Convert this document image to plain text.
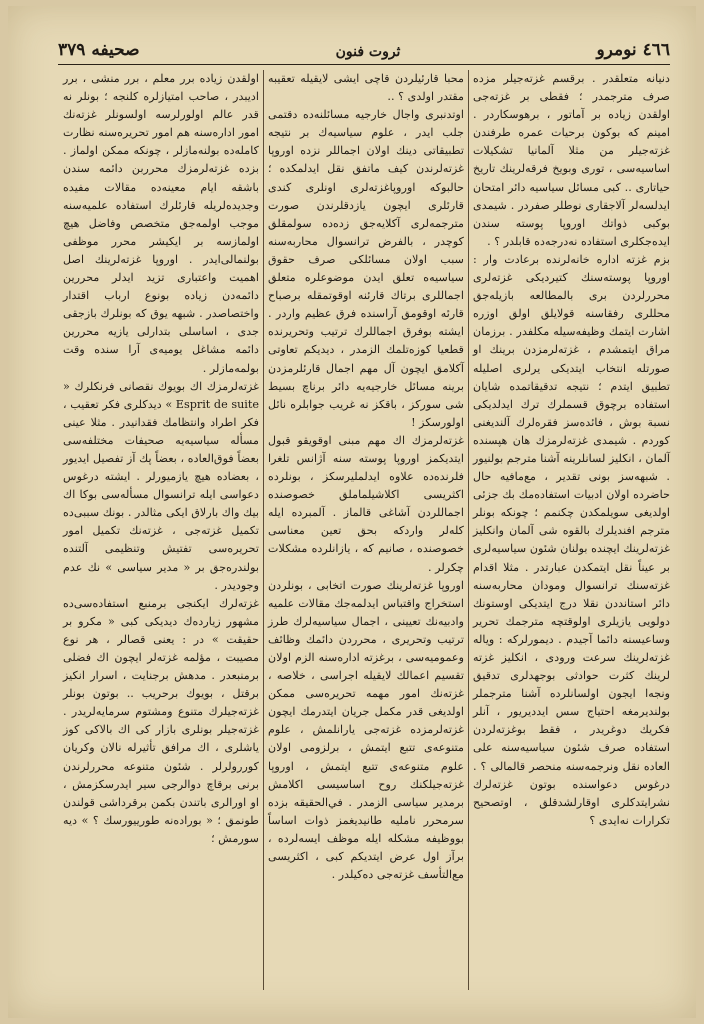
٤٦٦ نومرو
ثروت فنون
صحيفه ٣٧٩

دنيانه متعلقدر . برقسم غزته‌جيلر مزده صرف مترجمدر ؛ فقطی بر غزته‌جی اولقدن زياده بر آماتور ، برهوسكاردر . امينم كه بوكون برحيات عمره طرفندن غزته‌جيلر من مثلا آلمانيا تشكيلات اساسيه‌سی ، توری وبويخ فرقه‌لرينك تاريخ حياتاری .. كبی مسائل سياسيه دائر امتحان ايدلسه‌لر آلاجقاری نوطلر صفردر . شيمدی بوكبی ذواتك اوروپا پوسته سندن ايده‌جكلری استفاده نه‌درجه‌ده قابلدر ؟ .

بزم غزته اداره خانه‌لرنده برعادت وار : اوروپا پوسته‌سنك كتيرديكی غزته‌لری محررلردن برى بالمطالعه بازيله‌جق محللری رفقاسنه قولايلق اولق اوزره اشارت ايتمك وظيفه‌سيله مكلفدر . برزمان مراق ايتمشدم ، غزته‌لرمزدن برينك او صورتله انتخاب ايتديكی يرلری اصليله تطبيق ايتدم ؛ نتيجه تدقيقاتمده شايان استفاده برچوق قسملرك ترك ايدلديكی نسبة بوش ، فائده‌سز فقره‌لرك آلنديغنی كوردم . شيمدی غزته‌لرمزك هان هپسنده آلمان ، انكليز لسانلرينه آشنا مترجم بولنيور . شبهه‌سز بونی تقدير ، مع‌مافيه حال حاضرده اولان ادبيات استفاده‌مك بك جزئی اولديغی سويلمكدن چكنمم ؛ چونكه بونلر مترجم افنديلرك بالقوه شی آلمان وانكليز غزته‌لرينك ايچنده بولنان شئون سياسيه‌لری بر عيناً نقل ايتمكدن عبارتدر . مثلا اقدام غزته‌سنك ترانسوال ومودان محاربه‌سنه دائر استانددن نقلا درج ايتديكی اوستونك دولويی يازيلری اولوقتچه مترجمك تحرير وساعيسنه دائما آجيدم . ديمورلركه : وياله غزته‌لرينك سرعت ورودی ، انكليز غزته لرينك كثرت حوادثی بوجهدلری تدقيق ونجه‌ا ايجون اولسانلرده آشنا مترجملر بولنديرمغه احتياج سس ايدديريور ، آنلر فكريك دوغريدر ، فقط بوغزته‌لردن استفاده صرف شئون سياسيه‌سنه على العاده نقل ونرجمه‌سنه منحصر قالمالی ؟ . درغوس دعواسنده بوتون غزته‌لرك نشرايتدكلری اوقارلشدقلق ، اوتصحيح تكرارات نه‌ايدی ؟

محبا قارئيلردن قاچی ايشی لايقيله تعقيبه مقتدر اولدی ؟ ..

اوتدنبری واجال خارجيه مسائلنه‌ده دقتمی جلب ايدر ، علوم سياسيه‌ك بر نتيجه تطبيقاتی دينك اولان اجماللر نزده اوروپا غزته‌لرندن كيف ماتفق نقل ايدلمكده ؛ حالبوكه اوروپاغزته‌لری اونلری كندی قارئلری ايچون يازدقلرندن صورت مترجمه‌لری آكلايه‌جق زده‌ده سولمقلق كوچدر ، بالفرض ترانسوال محاربه‌سنه سبب اولان مسائلكی صرف حقوق سياسيه‌ه تعلق ايدن موضوعلره متعلق اجماللری برتاك قارئنه اوقوتمقله برصباح قارئه اوقومق آراسنده فرق عظيم واردر . ايشته بوفرق اجماللرك ترتيب وتحريرنده قطعيا كوزه‌تلمك الزمدر ، ديديكم تعاوتی آكلامق ايچون آل مهم اجمال قارئلرمزدن برينه مسائل خارجيه‌يه دائر برناچ بسيط شی سوركز ، باقكز نه غريب جوابلره نائل اولورسكز !

غزته‌لرمزك اك مهم مبنی اوقويقو قبول ايتديكمز اوروپا پوسته سنه آژانس تلغرا فلرنده‌ده علاوه ايدلمليرسكز ، بونلرده اكثريسی اكلاشيلماملق خصوصنده اجماللردن آشاغی قالماز . آلمبرده ايله كله‌لر واردكه بحق تعين معناسی خصوصنده ، صانيم كه ، يازانلرده مشكلات چكرلر .

اوروپا غزته‌لرينك صورت اتخابی ، بونلردن استخراج واقتباس ايدلمه‌جك مقالات علميه وادبيه‌نك تعيينی ، اجمال سياسيه‌لرك طرز ترتيب وتحريرى ، محرردن دائمك وظائف وعموميه‌سی ، برغزته اداره‌سنه الزم اولان تقسيم اعمالك لايقيله اجراسی ، خلاصه ، غزته‌نك امور مهمه تحريره‌سی ممكن اولديغی قدر مكمل جريان ايتدرمك ايچون غزته‌لرمزده غزته‌جی يارانلمش ، علوم متنوعه‌ی تتبع ايتمش ، برلزومی اولان علوم متنوعه‌ی تتبع ايتمش ، اوروپا غزته‌جيلکنك روح اساسيسی اكلامش برمدير سياسی الزمدر . في‌الحقيقه بزده سرمحرر نامليه طانيديغمز ذوات اساساً بووظيفه مشكله ايله موظف ايسه‌لرده ، برآز اول عرض ايتديكم كبی ، اكثريسی مع‌التأسف غزته‌جی ده‌كيلدر .

اولقدن زياده برر معلم ، برر منشی ، برر اديبدر ، صاحب امتيازلره كلنجه ؛ بونلر نه قدر عالم اولورلرسه اولسونلر غزته‌نك امور اداره‌سنه هم امور تحريره‌سنه نظارت كامله‌ده بولنه‌مازلر ، چونكه ممكن اولماز . بزده غزته‌لرمزك محرربن دائمه سندن باشقه ايام معينه‌ده مقالات مفيده وجديده‌لريله قارئلرك استفاده علميه‌سنه موجب اولمه‌جق متخصص وفاضل هيچ اولمازسه بر ايكيشر محرر موظفی بولنمالی‌ايدر . اوروپا غزته‌لرينك اصل اهميت واعتباری تزيد ايدلر محررين دائمه‌دن زياده بونوع ارباب اقتدار واختصاصدر . شبهه يوق كه بونلرك بازجقی جدی ، اساسلی بتدارلی يازيه محررين دائمه مشاغل يوميه‌ی آرا سنده وقت بولمه‌مازلر .

غزته‌لرمزك اك بويوك نقصانی فرنكلرك « Esprit de suite » ديدكلری فكر تعقيب ، فكر اطراد وانتظامك فقدانيدر . مثلا عينی مسأله سياسيه‌يه صحيفات مختلفه‌سی بعضاً فوق‌العاده ، بعضاً پك آز تفصيل ايديور ، بعضاده هيچ يازميورلر . ايشته درغوس دعواسی ايله ترانسوال مسأله‌سی بوكا اك بيك واك بارلاق ايكی مثالدر . بونك سببی‌ده تكميل غزته‌جی ، غزته‌نك تكميل امور تحريره‌سی تفتيش وتنظيمی آلتنده بولندره‌جق بر « مدير سياسی » نك عدم وجوديدر .

غزته‌لرك ايكنجی برمنبع استفاده‌سی‌ده مشهور زيارده‌ك ديديكی كبی « مكرو بر حقيقت » در : يعنی قصالر ، هر نوع مصيبت ، مؤلمه غزته‌لر ايچون اك فضلی برمنبعدر . مدهش برجنايت ، اسرار انكيز برقتل ، بويوك برحريب .. بوتون بونلر غزته‌جيلرك متنوع ومشتوم سرمايه‌لريدر . غزته‌جيلر بونلری بازار كی اك بالاكی كوز ياشلری ، اك مرافق تأثيرله نالان وكريان كوررولرلر . شئون متنوعه محررلرندن برنی برقاچ دوالرجی سير ايدرسكزمش ، او اورالری باتندن بكمن برقرداشی قولندن طونمق ؛ « بوراده‌نه طورييورسك ؟ » ديه سورمش ؛
